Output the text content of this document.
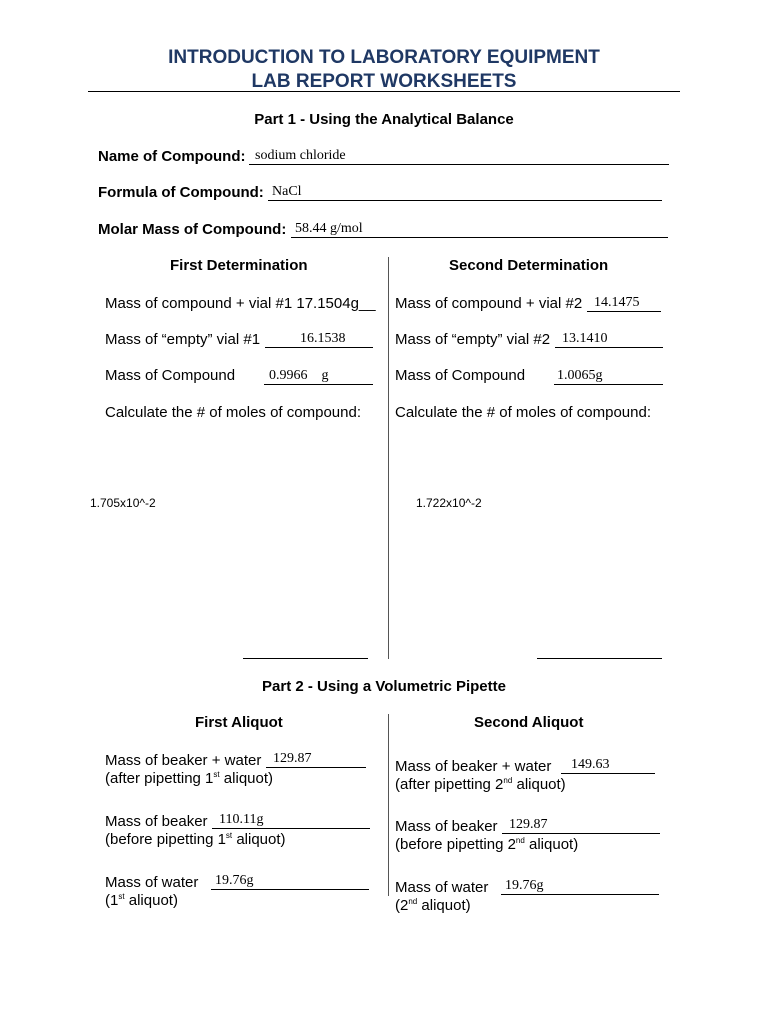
INTRODUCTION TO LABORATORY EQUIPMENT
LAB REPORT WORKSHEETS
Part 1 - Using the Analytical Balance
Name of Compound: sodium chloride
Formula of Compound: NaCl
Molar Mass of Compound: 58.44 g/mol
First Determination
Mass of compound + vial #1 17.1504g__
Mass of “empty” vial #1	16.1538
Mass of Compound 0.9966    g
Calculate the # of moles of compound:
1.705x10^-2
Second Determination
Mass of compound + vial #2 14.1475
Mass of “empty” vial #2 13.1410
Mass of Compound 1.0065g
Calculate the # of moles of compound:
1.722x10^-2
Part 2 - Using a Volumetric Pipette
First Aliquot
Mass of beaker + water 129.87
(after pipetting 1st aliquot)
Mass of beaker 110.11g
(before pipetting 1st aliquot)
Mass of water 19.76g
(1st aliquot)
Second Aliquot
Mass of beaker + water 149.63
(after pipetting 2nd aliquot)
Mass of beaker 129.87
(before pipetting 2nd aliquot)
Mass of water 19.76g
(2nd aliquot)
